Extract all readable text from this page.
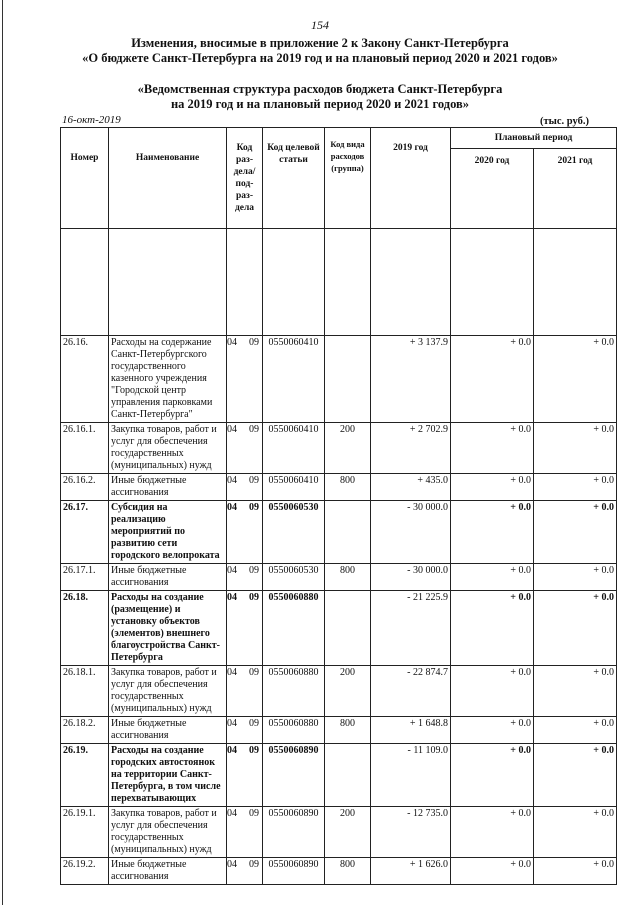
154
Изменения, вносимые в приложение 2 к Закону Санкт-Петербурга
«О бюджете Санкт-Петербурга на 2019 год и на плановый период 2020 и 2021 годов»
«Ведомственная структура расходов бюджета Санкт-Петербурга
на 2019 год и на плановый период 2020 и 2021 годов»
16-окт-2019	(тыс. руб.)
Номер	Наименование	Код раз-дела/ под-раз-дела	Код целевой статьи	Код вида расходов (группа)	2019 год	Плановый период	
						2020 год	2021 год

26.16.	Расходы на содержание Санкт-Петербургского государственного казенного учреждения "Городской центр управления парковками Санкт-Петербурга"	04 09	0550060410		+ 3 137.9	+ 0.0	+ 0.0
26.16.1.	Закупка товаров, работ и услуг для обеспечения государственных (муниципальных) нужд	04 09	0550060410	200	+ 2 702.9	+ 0.0	+ 0.0
26.16.2.	Иные бюджетные ассигнования	04 09	0550060410	800	+ 435.0	+ 0.0	+ 0.0
26.17.	Субсидия на реализацию мероприятий по развитию сети городского велопроката	04 09	0550060530		- 30 000.0	+ 0.0	+ 0.0
26.17.1.	Иные бюджетные ассигнования	04 09	0550060530	800	- 30 000.0	+ 0.0	+ 0.0
26.18.	Расходы на создание (размещение) и установку объектов (элементов) внешнего благоустройства Санкт-Петербурга	04 09	0550060880		- 21 225.9	+ 0.0	+ 0.0
26.18.1.	Закупка товаров, работ и услуг для обеспечения государственных (муниципальных) нужд	04 09	0550060880	200	- 22 874.7	+ 0.0	+ 0.0
26.18.2.	Иные бюджетные ассигнования	04 09	0550060880	800	+ 1 648.8	+ 0.0	+ 0.0
26.19.	Расходы на создание городских автостоянок на территории Санкт-Петербурга, в том числе перехватывающих	04 09	0550060890		- 11 109.0	+ 0.0	+ 0.0
26.19.1.	Закупка товаров, работ и услуг для обеспечения государственных (муниципальных) нужд	04 09	0550060890	200	- 12 735.0	+ 0.0	+ 0.0
26.19.2.	Иные бюджетные ассигнования	04 09	0550060890	800	+ 1 626.0	+ 0.0	+ 0.0
